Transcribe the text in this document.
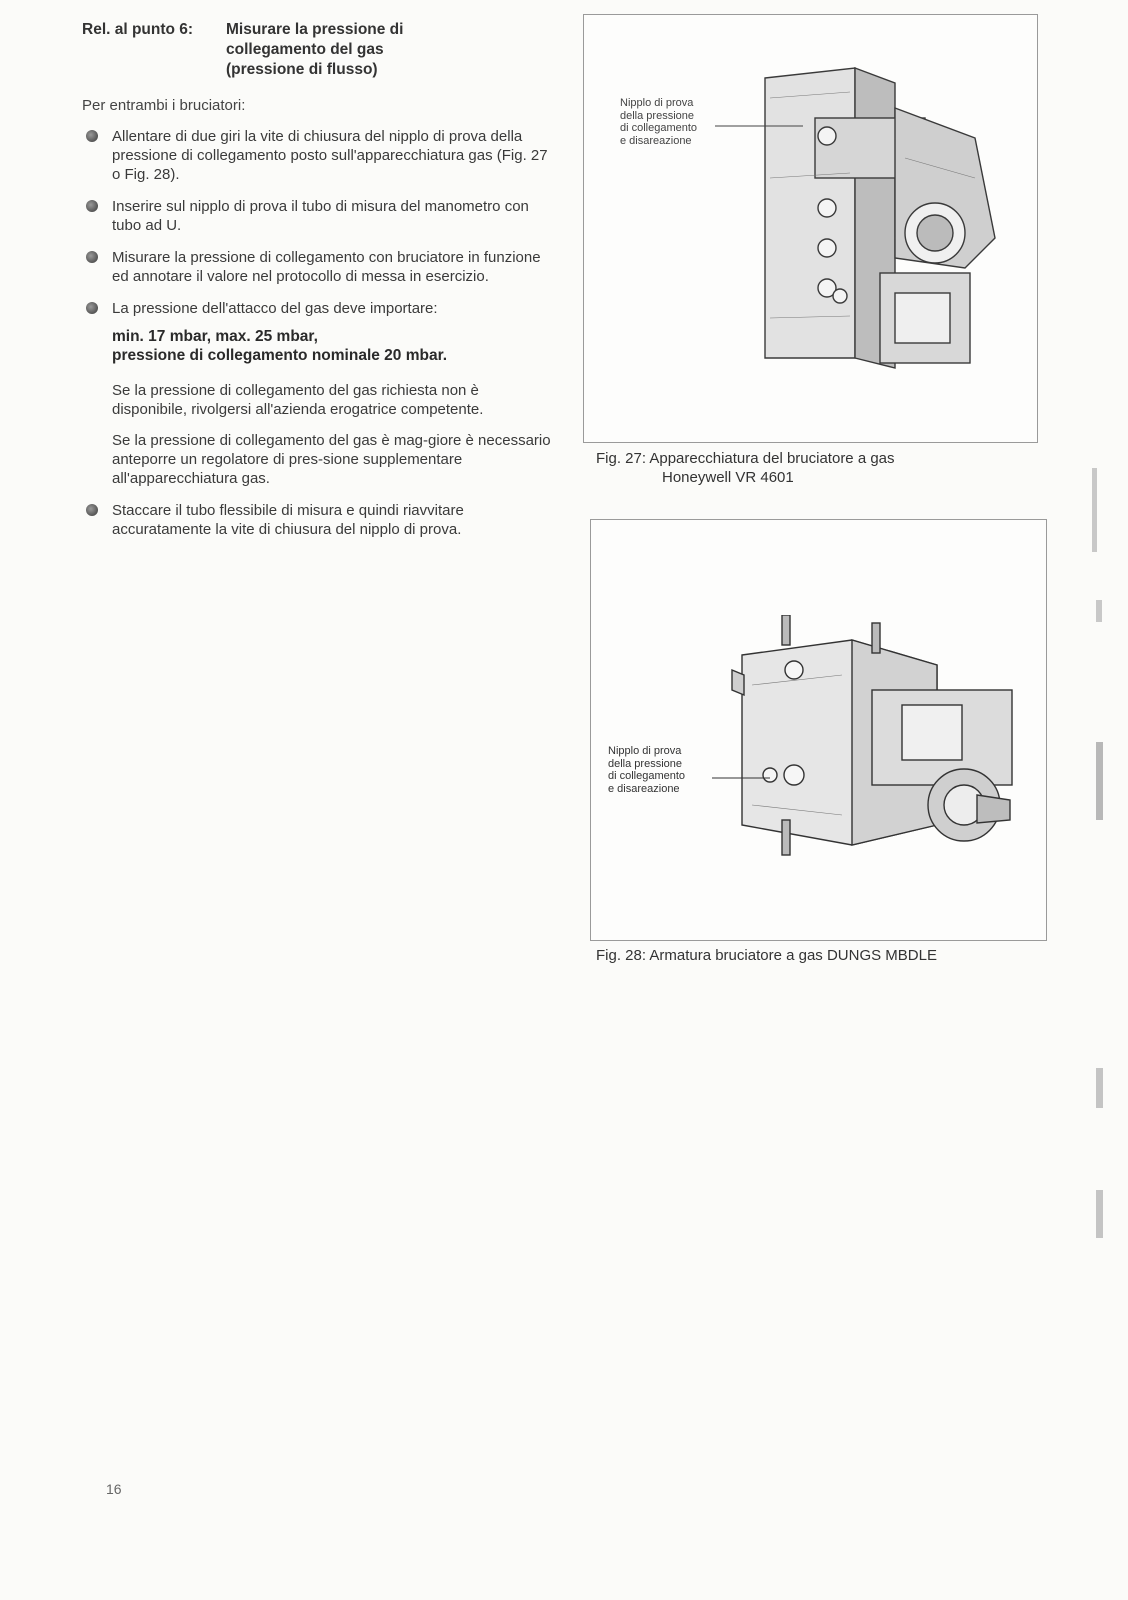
Rel. al punto 6: Misurare la pressione di
collegamento del gas
(pressione di flusso)
Per entrambi i bruciatori:
Allentare di due giri la vite di chiusura del nipplo di prova della pressione di collegamento posto sull'apparecchiatura gas (Fig. 27 o Fig. 28).
Inserire sul nipplo di prova il tubo di misura del manometro con tubo ad U.
Misurare la pressione di collegamento con bruciatore in funzione ed annotare il valore nel protocollo di messa in esercizio.
La pressione dell'attacco del gas deve importare:
min. 17 mbar, max. 25 mbar,
pressione di collegamento nominale 20 mbar.
Se la pressione di collegamento del gas richiesta non è disponibile, rivolgersi all'azienda erogatrice competente.
Se la pressione di collegamento del gas è mag-giore è necessario anteporre un regolatore di pres-sione supplementare all'apparecchiatura gas.
Staccare il tubo flessibile di misura e quindi riavvitare accuratamente la vite di chiusura del nipplo di prova.
Nipplo di prova
della pressione
di collegamento
e disareazione
Fig. 27: Apparecchiatura del bruciatore a gas
Honeywell VR 4601
Nipplo di prova
della pressione
di collegamento
e disareazione
Fig. 28: Armatura bruciatore a gas DUNGS MBDLE
16
